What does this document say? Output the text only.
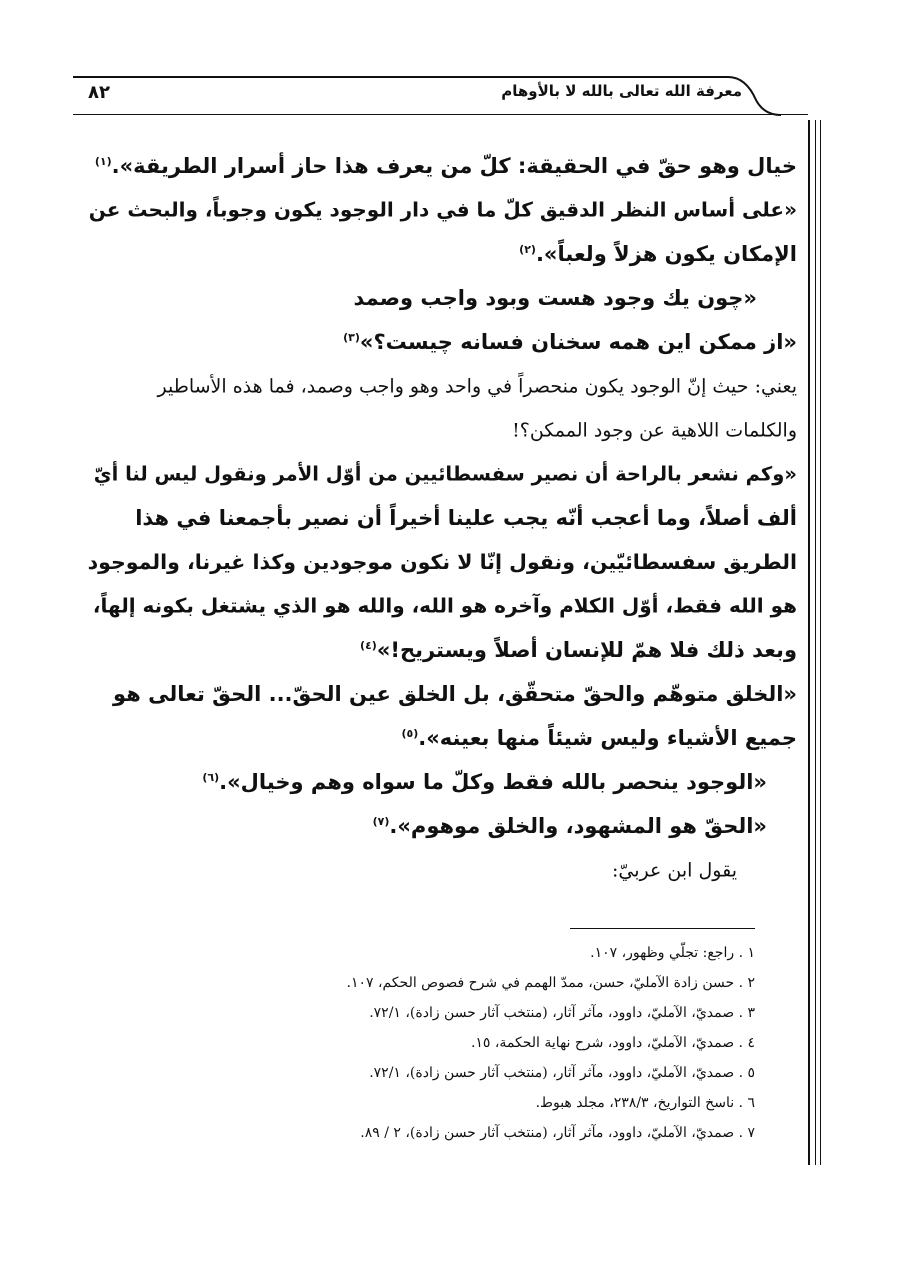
معرفة الله تعالى بالله لا بالأوهام
٨٢
خيال وهو حقّ في الحقيقة: كلّ من يعرف هذا حاز أسرار الطريقة».$^{(١)}$
«على أساس النظر الدقيق كلّ ما في دار الوجود يكون وجوباً، والبحث عن
الإمكان يكون هزلاً ولعباً».$^{(٢)}$
«چون يك وجود هست وبود واجب وصمد
«از ممكن اين همه سخنان فسانه چيست؟»$^{(٣)}$
يعني: حيث إنّ الوجود يكون منحصراً في واحد وهو واجب وصمد، فما هذه الأساطير
والكلمات اللاهية عن وجود الممكن؟!
«وكم نشعر بالراحة أن نصير سفسطائيين من أوّل الأمر ونقول ليس لنا أيّ
ألف أصلاً، وما أعجب أنّه يجب علينا أخيراً أن نصير بأجمعنا في هذا
الطريق سفسطائيّين، ونقول إنّا لا نكون موجودين وكذا غيرنا، والموجود
هو الله فقط، أوّل الكلام وآخره هو الله، والله هو الذي يشتغل بكونه إلهاً،
وبعد ذلك فلا همّ للإنسان أصلاً ويستريح!»$^{(٤)}$
«الخلق متوهّم والحقّ متحقّق، بل الخلق عين الحقّ... الحقّ تعالى هو
جميع الأشياء وليس شيئاً منها بعينه».$^{(٥)}$
«الوجود ينحصر بالله فقط وكلّ ما سواه وهم وخيال».$^{(٦)}$
«الحقّ هو المشهود، والخلق موهوم».$^{(٧)}$
يقول ابن عربيّ:
١ . راجع: تجلّي وظهور، ١٠٧.
٢ . حسن زادة الآمليّ، حسن، ممدّ الهمم في شرح فصوص الحكم، ١٠٧.
٣ . صمديّ، الآمليّ، داوود، مآثر آثار، (منتخب آثار حسن زادة)، ٧٢/١.
٤ . صمديّ، الآمليّ، داوود، شرح نهاية الحكمة، ١٥.
٥ . صمديّ، الآمليّ، داوود، مآثر آثار، (منتخب آثار حسن زادة)، ٧٢/١.
٦ . ناسخ التواريخ، ٢٣٨/٣، مجلد هبوط.
٧ . صمديّ، الآمليّ، داوود، مآثر آثار، (منتخب آثار حسن زادة)، ٢ / ٨٩.
